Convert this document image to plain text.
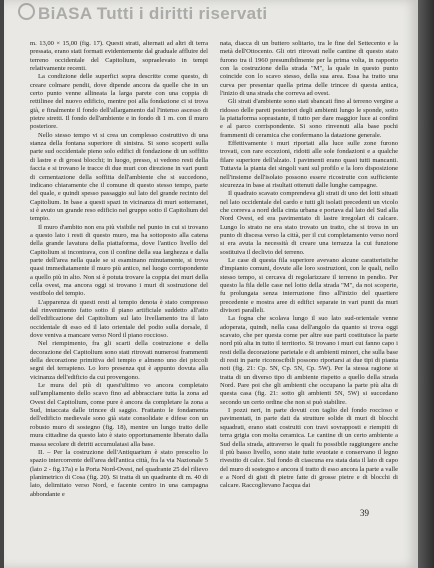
BiASA Tutti i diritti riservati

m. 13,00 × 15,00 (fig. 17). Questi strati, alternati ad altri di terra pressata, erano stati formati evidentemente dal graduale affluire del terreno occidentale del Capitolium, sopraelevato in tempi relativamente recenti.

La condizione delle superfici sopra descritte come questo, di creare colmare pendii, dove dipende ancora da quelle che in un certo punto venne allineata la larga parete con una coppia di rettilinee del nuovo edificio, mentre poi alla fondazione ci si trova già, e finalmente il fondo dell'allargamento dal l'intenso ascesso di pietre stretti. Il fondo dell'ambiente e in fondo di 1 m. con il muro posteriore.

Nello stesso tempo vi si crea un complesso costruttivo di una stanza della fontana superiore di sinistra. Si sono scoperti sulla parte sud occidentale pieno solo edifici di fondazione di un soffitto di lastre e di grossi blocchi; in luogo, presso, si vedono resti della faccia e si trovano le tracce di due muri con direzione in vari punti di cementazione della soffitta dell'ambiente che si succedono, indicano chiaramente che il comune di questo stesso tempo, parte del quale, e quindi spesso passaggio sul lato del grande recinto del Capitolium. In base a questi spazi in vicinanza di muri sotterranei, si è avuto un grande reso edificio nel gruppo sotto il Capitolium del tempio.

Il muro d'ambito non era più visibile nel punto in cui si trovano a questo lato i resti di questo muro, ma ha sottoposto alla catena della grande lavatura della piattaforma, dove l'antico livello del Capitolium si incontrava, con il confine della sua larghezza e dalla parte dell'area nella quale se si esaminano minutamente, si trova quasi immediatamente il muro più antico, nel luogo corrispondente a quello più in alto. Non si è potuta trovare la coppia dei muri della cella ovest, ma ancora oggi si trovano i muri di sostruzione del vestibolo del tempio.

L'apparenza di questi resti al tempio denota è stato compresso dal rinvenimento fatto sotto il piano artificiale suddetto all'atto dell'edificazione del Capitolium sul lato livellamento tra il lato occidentale di esso ed il lato orientale del podio sulla dorsale, il dove veniva a mancare verso Nord il piano roccioso.

Nel riempimento, fra gli scarti della costruzione e della decorazione del Capitolium sono stati ritrovati numerosi frammenti della decorazione primitiva del tempio e almeno uno dei piccoli segni del terrapieno. Lo loro presenza qui è appunto dovuta alla vicinanza dell'edificio da cui provengono.

Le mura del più di quest'ultimo vo ancora completato sull'ampliamento dello scavo fino ad abbracciare tutta la zona ad Ovest del Capitolium, come pure è ancora da completare la zona a Sud, intaccata dalle trincee di saggio. Frattanto le fondamenta dell'edificio medievale sono già state consolidate e difese con un robusto muro di sostegno (fig. 18), mentre un lungo tratto delle mura cittadine da questo lato è stato opportunamente liberato dalla massa secolare di detriti accumulatasi alla base.

II. – Per la costruzione dell'Antiquarium è stato prescelto lo spazio intercorrente dell'area dell'antica città, fra la via Nazionale 5 (lato 2 - fig.17a) e la Porta Nord-Ovest, nel quadrante 25 del rilievo planimetrico di Cosa (fig. 20). Si tratta di un quadrante di m. 40 di lato, delimitato verso Nord, e facente centro in una campagna abbondante e

nata, diacca di un buttero solitario, tra le fine del Settecento e la metà dell'Ottocento. Gli otri ritrovati nelle cantine di questo stato furono tra il 1960 presumibilmente per la prima volta, in rapporto con la costruzione della strada "M", la quale in questo punto coincide con lo scavo stesso, della sua area. Essa ha tratto una curva per presentar quella prima delle trincee di questa antica, l'inizio di una strada che correva ad ovest.

Gli strati d'ambiente sono stati sbancati fino al terreno vergine a ridosso delle pareti posteriori degli ambienti lungo le sponde, sotto la piattaforma soprastante, il tutto per dare maggior luce ai confini e al parco corrispondente. Si sono rinvenuti alla base pochi frammenti di ceramica che confermano la datazione generale.

Effettivamente i muri riportati alla luce sulle zone furono trovati, con rare eccezioni, ridotti alle sole fondazioni e a qualche filare superiore dell'alzato. I pavimenti erano quasi tutti mancanti. Tuttavia la pianta dei singoli vani sul profilo e la loro disposizione nell'insieme dell'isolato possono essere ricostruite con sufficiente sicurezza in base ai risultati ottenuti dalle lunghe campagne.

Il quadrato scavato comprendeva gli strati di uno dei lotti situati nel lato occidentale del cardo e tutti gli isolati precedenti un vicolo che correva a nord della cinta urbana e portava dal lato del Sud alla Nord Ovest, ed era pavimentato di lastre irregolari di calcare. Lungo lo strato ne era stato trovato un tratto, che si trova in un punto di discesa verso la città, per il cui completamento verso nord si era avuta la necessità di creare una terrazza la cui funzione sostituiva il declivio del terreno.

Le case di questa fila superiore avevano alcune caratteristiche d'impianto comuni, dovute alle loro sostruzioni, con le quali, nello stesso tempo, si cercava di regolarizzare il terreno in pendio. Per questo la fila delle case nel lotto della strada "M", da noi scoperte, fu prolungata senza interruzione fino all'inizio del quartiere precedente e mostra aree di edifici separate in vari punti da muri divisori paralleli.

La fogna che scolava lungo il suo lato sud-orientale venne adoperata, quindi, nella casa dell'angolo da quanto si trova oggi scavato, che per questa come per altre sue parti costituisce la parte nord più alta in tutto il territorio. Si trovano i muri cui fanno capo i resti della decorazione parietale e di ambienti minori, che sulla base di resti in parte riconoscibili possono riportarsi ai due tipi di pianta noti (fig. 21: Cp. 5N, Cp. 5N, Cp. 5W). Per la stessa ragione si tratta di un diverso tipo di ambiente rispetto a quello della strada Nord. Pare poi che gli ambienti che occupano la parte più alta di questa casa (fig. 21: sotto gli ambienti 5N, 5W) si succedano secondo un certo ordine che non si può stabilire.

I pozzi neri, in parte dovuti con taglio del fondo roccioso e pavimentati, in parte dati da strutture solide di muri di blocchi squadrati, erano stati costruiti con travi sovrapposti e riempiti di terra grigia con molta ceramica. Le cantine di un certo ambiente a Sud della strada, attraverso le quali fu possibile raggiungere anche il più basso livello, sono state tutte svuotate e conservano il legno rivestito di calce. Sul fondo di ciascuna era stata data il lato di capo del muro di sostegno e ancora il tratto di esso ancora la parte a valle e a Nord di gisti di pietre fatte di grosse pietre e di blocchi di calcare. Raccoglievano l'acqua dai

39
